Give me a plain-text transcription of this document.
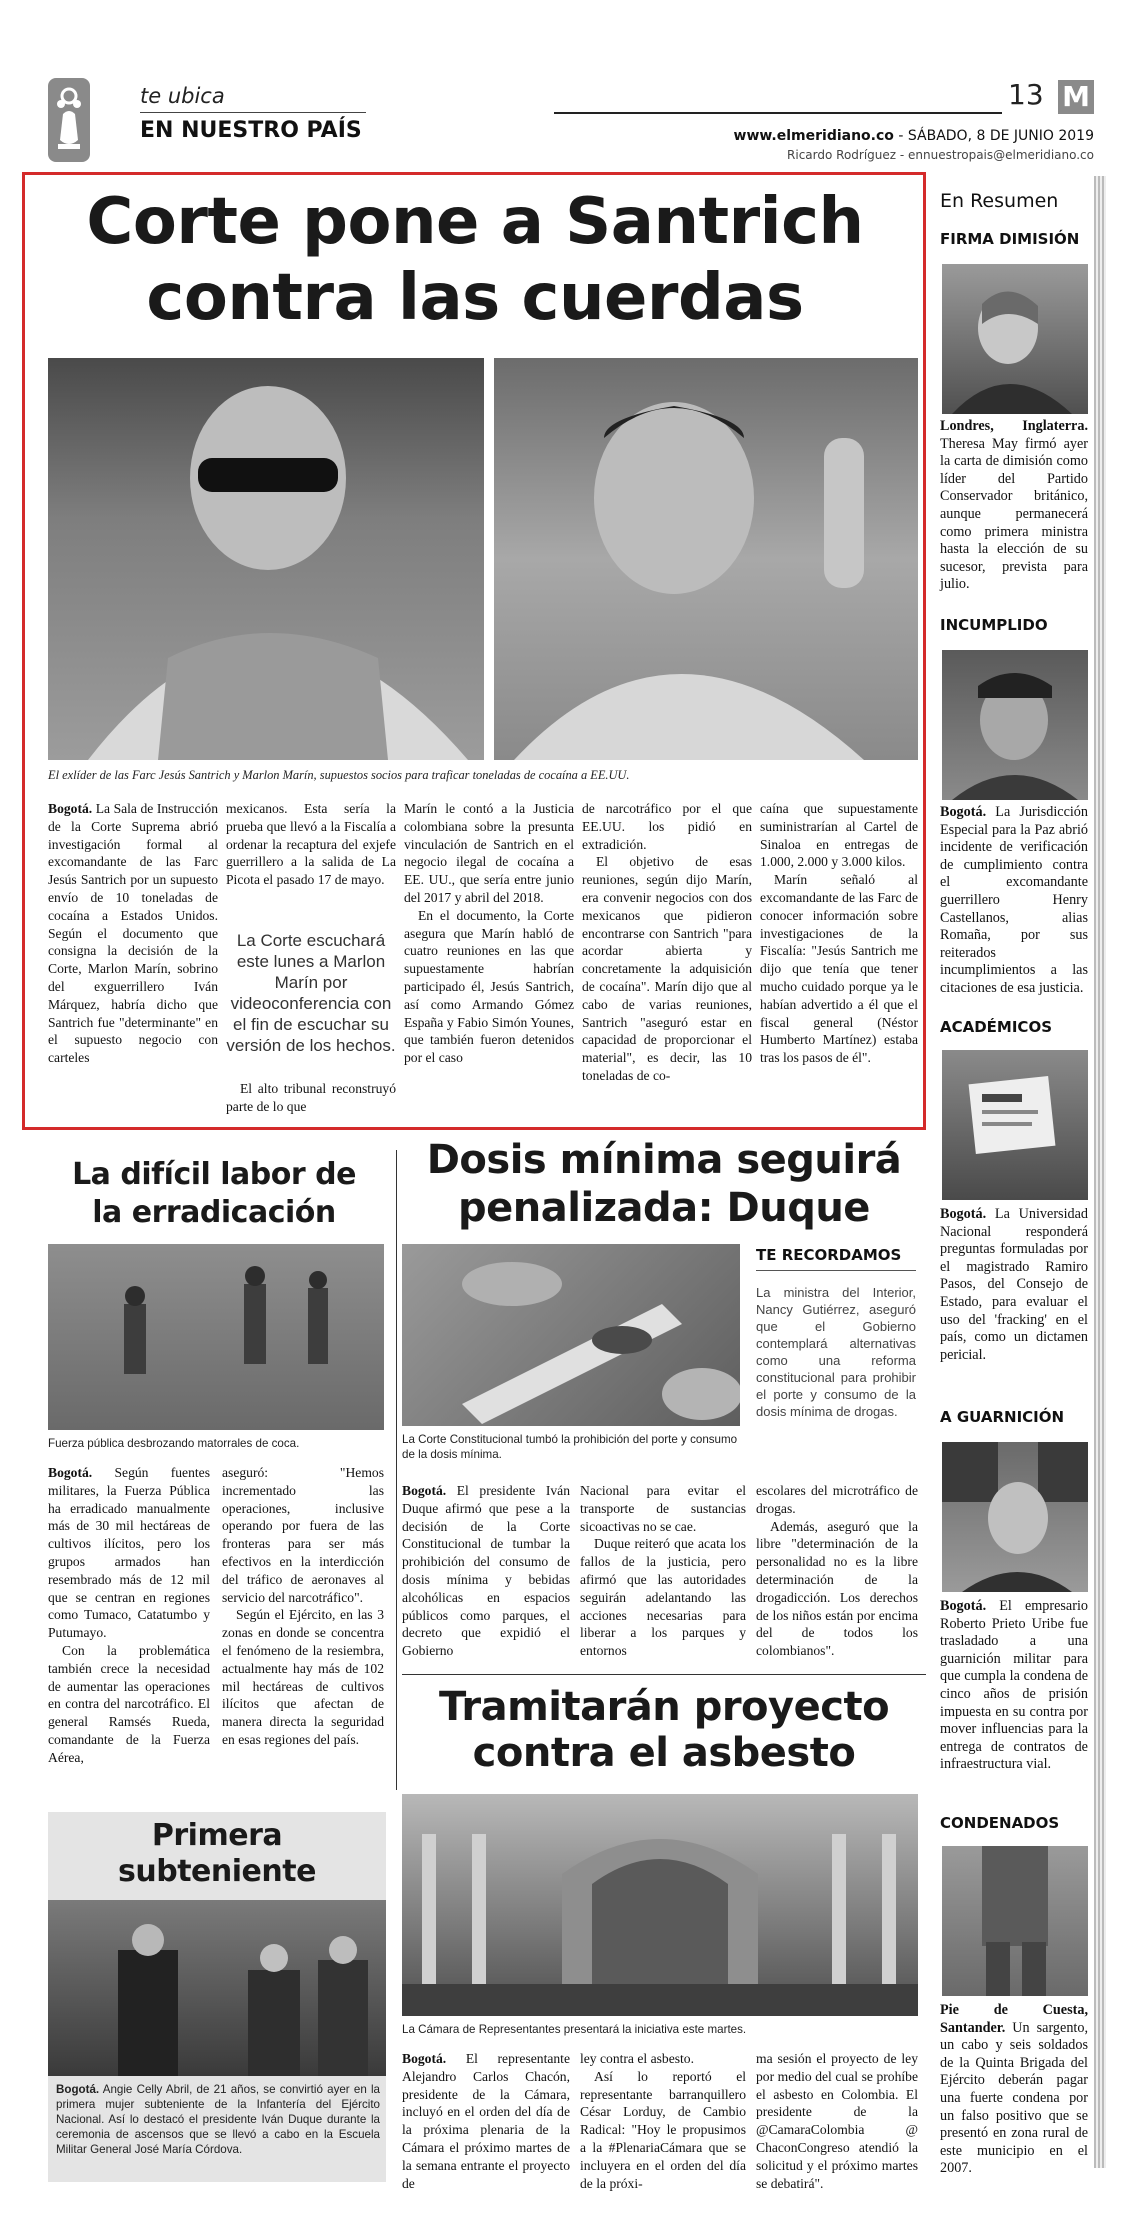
te ubica
EN NUESTRO PAÍS
13 M
www.elmeridiano.co - SÁBADO, 8 DE JUNIO 2019
Ricardo Rodríguez - ennuestropais@elmeridiano.co
Corte pone a Santrich
contra las cuerdas
El exlíder de las Farc Jesús Santrich y Marlon Marín, supuestos socios para traficar toneladas de cocaína a EE.UU.

Bogotá. La Sala de Instrucción de la Corte Suprema abrió investigación formal al excomandante de las Farc Jesús Santrich por un supuesto envío de 10 toneladas de cocaína a Estados Unidos. Según el documento que consigna la decisión de la Corte, Marlon Marín, sobrino del exguerrillero Iván Márquez, habría dicho que Santrich fue "determinante" en el supuesto negocio con carteles

mexicanos. Esta sería la prueba que llevó a la Fiscalía a ordenar la recaptura del exjefe guerrillero a la salida de La Picota el pasado 17 de mayo.

La Corte escuchará este lunes a Marlon Marín por videoconferencia con el fin de escuchar su versión de los hechos.

El alto tribunal reconstruyó parte de lo que

Marín le contó a la Justicia colombiana sobre la presunta vinculación de Santrich en el negocio ilegal de cocaína a EE. UU., que sería entre junio del 2017 y abril del 2018.

En el documento, la Corte asegura que Marín habló de cuatro reuniones en las que supuestamente habrían participado él, Jesús Santrich, así como Armando Gómez España y Fabio Simón Younes, que también fueron detenidos por el caso

de narcotráfico por el que EE.UU. los pidió en extradición.

El objetivo de esas reuniones, según dijo Marín, era convenir negocios con dos mexicanos que pidieron encontrarse con Santrich "para acordar abierta y concretamente la adquisición de cocaína". Marín dijo que al cabo de varias reuniones, Santrich "aseguró estar en capacidad de proporcionar el material", es decir, las 10 toneladas de co-

caína que supuestamente suministrarían al Cartel de Sinaloa en entregas de 1.000, 2.000 y 3.000 kilos.

Marín señaló al excomandante de las Farc de conocer información sobre investigaciones de la Fiscalía: "Jesús Santrich me dijo que tenía que tener mucho cuidado porque ya le habían advertido a él que el fiscal general (Néstor Humberto Martínez) estaba tras los pasos de él".

La difícil labor de
la erradicación
Fuerza pública desbrozando matorrales de coca.

Bogotá. Según fuentes militares, la Fuerza Pública ha erradicado manualmente más de 30 mil hectáreas de cultivos ilícitos, pero los grupos armados han resembrado más de 12 mil que se centran en regiones como Tumaco, Catatumbo y Putumayo.

Con la problemática también crece la necesidad de aumentar las operaciones en contra del narcotráfico. El general Ramsés Rueda, comandante de la Fuerza Aérea,

aseguró: "Hemos incrementado las operaciones, inclusive operando por fuera de las fronteras para ser más efectivos en la interdicción del tráfico de aeronaves al servicio del narcotráfico".

Según el Ejército, en las 3 zonas en donde se concentra el fenómeno de la resiembra, actualmente hay más de 102 mil hectáreas de cultivos ilícitos que afectan de manera directa la seguridad en esas regiones del país.

Primera
subteniente
Bogotá. Angie Celly Abril, de 21 años, se convirtió ayer en la primera mujer subteniente de la Infantería del Ejército Nacional. Así lo destacó el presidente Iván Duque durante la ceremonia de ascensos que se llevó a cabo en la Escuela Militar General José María Córdova.
Dosis mínima seguirá
penalizada: Duque
La Corte Constitucional tumbó la prohibición del porte y consumo de la dosis mínima.
TE RECORDAMOS
La ministra del Interior, Nancy Gutiérrez, aseguró que el Gobierno contemplará alternativas como una reforma constitucional para prohibir el porte y consumo de la dosis mínima de drogas.

Bogotá. El presidente Iván Duque afirmó que pese a la decisión de la Corte Constitucional de tumbar la prohibición del consumo de dosis mínima y bebidas alcohólicas en espacios públicos como parques, el decreto que expidió el Gobierno

Nacional para evitar el transporte de sustancias sicoactivas no se cae.

Duque reiteró que acata los fallos de la justicia, pero afirmó que las autoridades seguirán adelantando las acciones necesarias para liberar a los parques y entornos

escolares del microtráfico de drogas.

Además, aseguró que la libre "determinación de la personalidad no es la libre determinación de la drogadicción. Los derechos de los niños están por encima del de todos los colombianos".

Tramitarán proyecto
contra el asbesto
La Cámara de Representantes presentará la iniciativa este martes.

Bogotá. El representante Alejandro Carlos Chacón, presidente de la Cámara, incluyó en el orden del día de la próxima plenaria de la Cámara el próximo martes de la semana entrante el proyecto de

ley contra el asbesto.

Así lo reportó el representante barranquillero César Lorduy, de Cambio Radical: "Hoy le propusimos a la #PlenariaCámara que se incluyera en el orden del día de la próxi-

ma sesión el proyecto de ley por medio del cual se prohíbe el asbesto en Colombia. El presidente de la @CamaraColombia @ ChaconCongreso atendió la solicitud y el próximo martes se debatirá".

En Resumen
FIRMA DIMISIÓN
Londres, Inglaterra. Theresa May firmó ayer la carta de dimisión como líder del Partido Conservador británico, aunque permanecerá como primera ministra hasta la elección de su sucesor, prevista para julio.
INCUMPLIDO
Bogotá. La Jurisdicción Especial para la Paz abrió incidente de verificación de cumplimiento contra el excomandante guerrillero Henry Castellanos, alias Romaña, por sus reiterados incumplimientos a las citaciones de esa justicia.
ACADÉMICOS
Bogotá. La Universidad Nacional responderá preguntas formuladas por el magistrado Ramiro Pasos, del Consejo de Estado, para evaluar el uso del 'fracking' en el país, como un dictamen pericial.
A GUARNICIÓN
Bogotá. El empresario Roberto Prieto Uribe fue trasladado a una guarnición militar para que cumpla la condena de cinco años de prisión impuesta en su contra por mover influencias para la entrega de contratos de infraestructura vial.
CONDENADOS
Pie de Cuesta, Santander. Un sargento, un cabo y seis soldados de la Quinta Brigada del Ejército deberán pagar una fuerte condena por un falso positivo que se presentó en zona rural de este municipio en el 2007.
